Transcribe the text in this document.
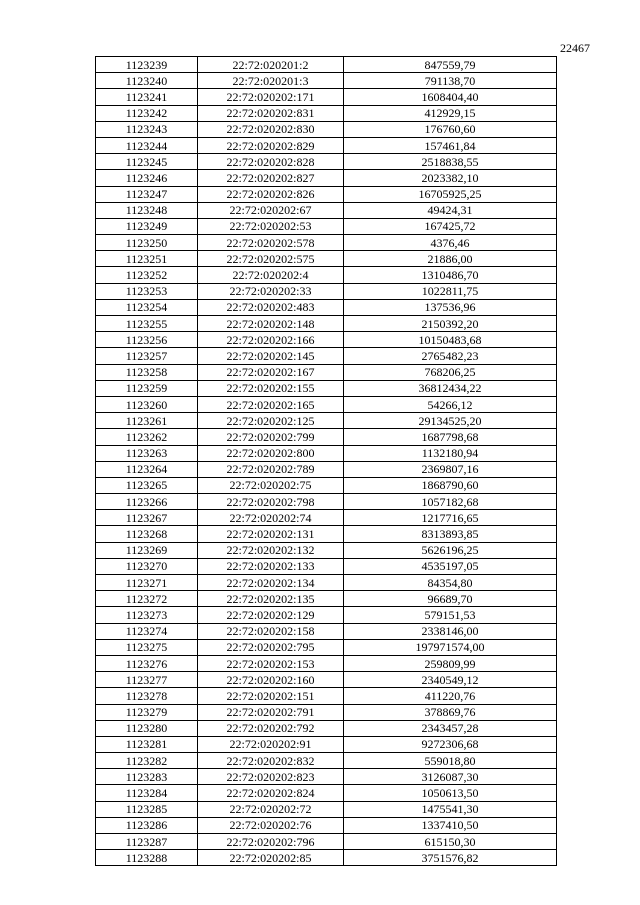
22467
1123239	22:72:020201:2	847559,79
1123240	22:72:020201:3	791138,70
1123241	22:72:020202:171	1608404,40
1123242	22:72:020202:831	412929,15
1123243	22:72:020202:830	176760,60
1123244	22:72:020202:829	157461,84
1123245	22:72:020202:828	2518838,55
1123246	22:72:020202:827	2023382,10
1123247	22:72:020202:826	16705925,25
1123248	22:72:020202:67	49424,31
1123249	22:72:020202:53	167425,72
1123250	22:72:020202:578	4376,46
1123251	22:72:020202:575	21886,00
1123252	22:72:020202:4	1310486,70
1123253	22:72:020202:33	1022811,75
1123254	22:72:020202:483	137536,96
1123255	22:72:020202:148	2150392,20
1123256	22:72:020202:166	10150483,68
1123257	22:72:020202:145	2765482,23
1123258	22:72:020202:167	768206,25
1123259	22:72:020202:155	36812434,22
1123260	22:72:020202:165	54266,12
1123261	22:72:020202:125	29134525,20
1123262	22:72:020202:799	1687798,68
1123263	22:72:020202:800	1132180,94
1123264	22:72:020202:789	2369807,16
1123265	22:72:020202:75	1868790,60
1123266	22:72:020202:798	1057182,68
1123267	22:72:020202:74	1217716,65
1123268	22:72:020202:131	8313893,85
1123269	22:72:020202:132	5626196,25
1123270	22:72:020202:133	4535197,05
1123271	22:72:020202:134	84354,80
1123272	22:72:020202:135	96689,70
1123273	22:72:020202:129	579151,53
1123274	22:72:020202:158	2338146,00
1123275	22:72:020202:795	197971574,00
1123276	22:72:020202:153	259809,99
1123277	22:72:020202:160	2340549,12
1123278	22:72:020202:151	411220,76
1123279	22:72:020202:791	378869,76
1123280	22:72:020202:792	2343457,28
1123281	22:72:020202:91	9272306,68
1123282	22:72:020202:832	559018,80
1123283	22:72:020202:823	3126087,30
1123284	22:72:020202:824	1050613,50
1123285	22:72:020202:72	1475541,30
1123286	22:72:020202:76	1337410,50
1123287	22:72:020202:796	615150,30
1123288	22:72:020202:85	3751576,82
